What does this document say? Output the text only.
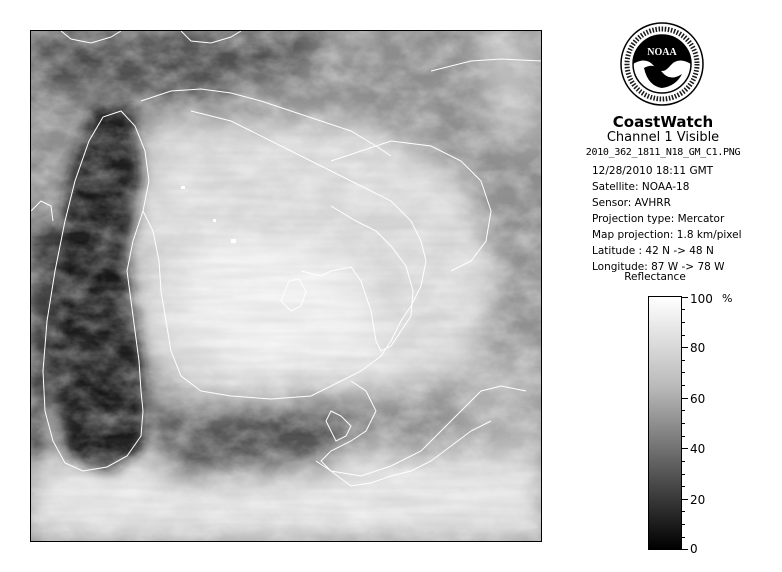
NOAA
CoastWatch
Channel 1 Visible
2010_362_1811_N18_GM_C1.PNG
12/28/2010 18:11 GMT
Satellite: NOAA-18
Sensor: AVHRR
Projection type: Mercator
Map projection: 1.8 km/pixel
Latitude : 42 N -> 48 N
Longitude: 87 W -> 78 W
Reflectance
%
100
80
60
40
20
0
